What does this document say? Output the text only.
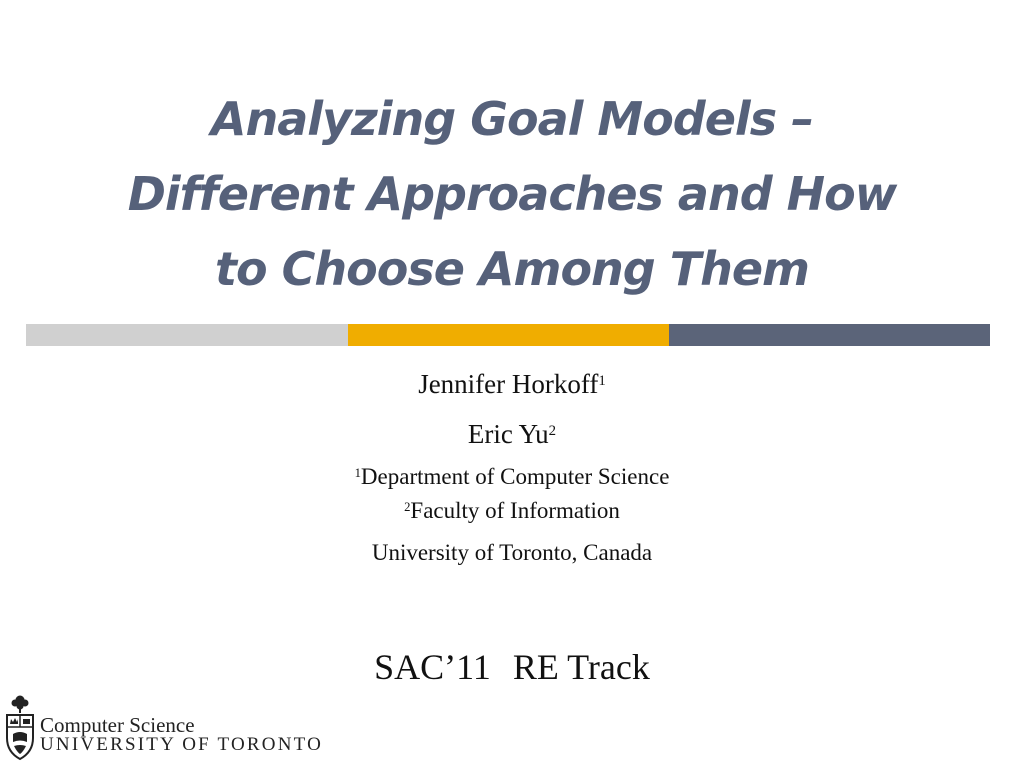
Analyzing Goal Models –
Different Approaches and How
to Choose Among Them
Jennifer Horkoff$^1$
Eric Yu$^2$
$^1$Department of Computer Science
$^2$Faculty of Information
University of Toronto, Canada
SAC’11 RE Track
Computer Science
UNIVERSITY OF TORONTO
